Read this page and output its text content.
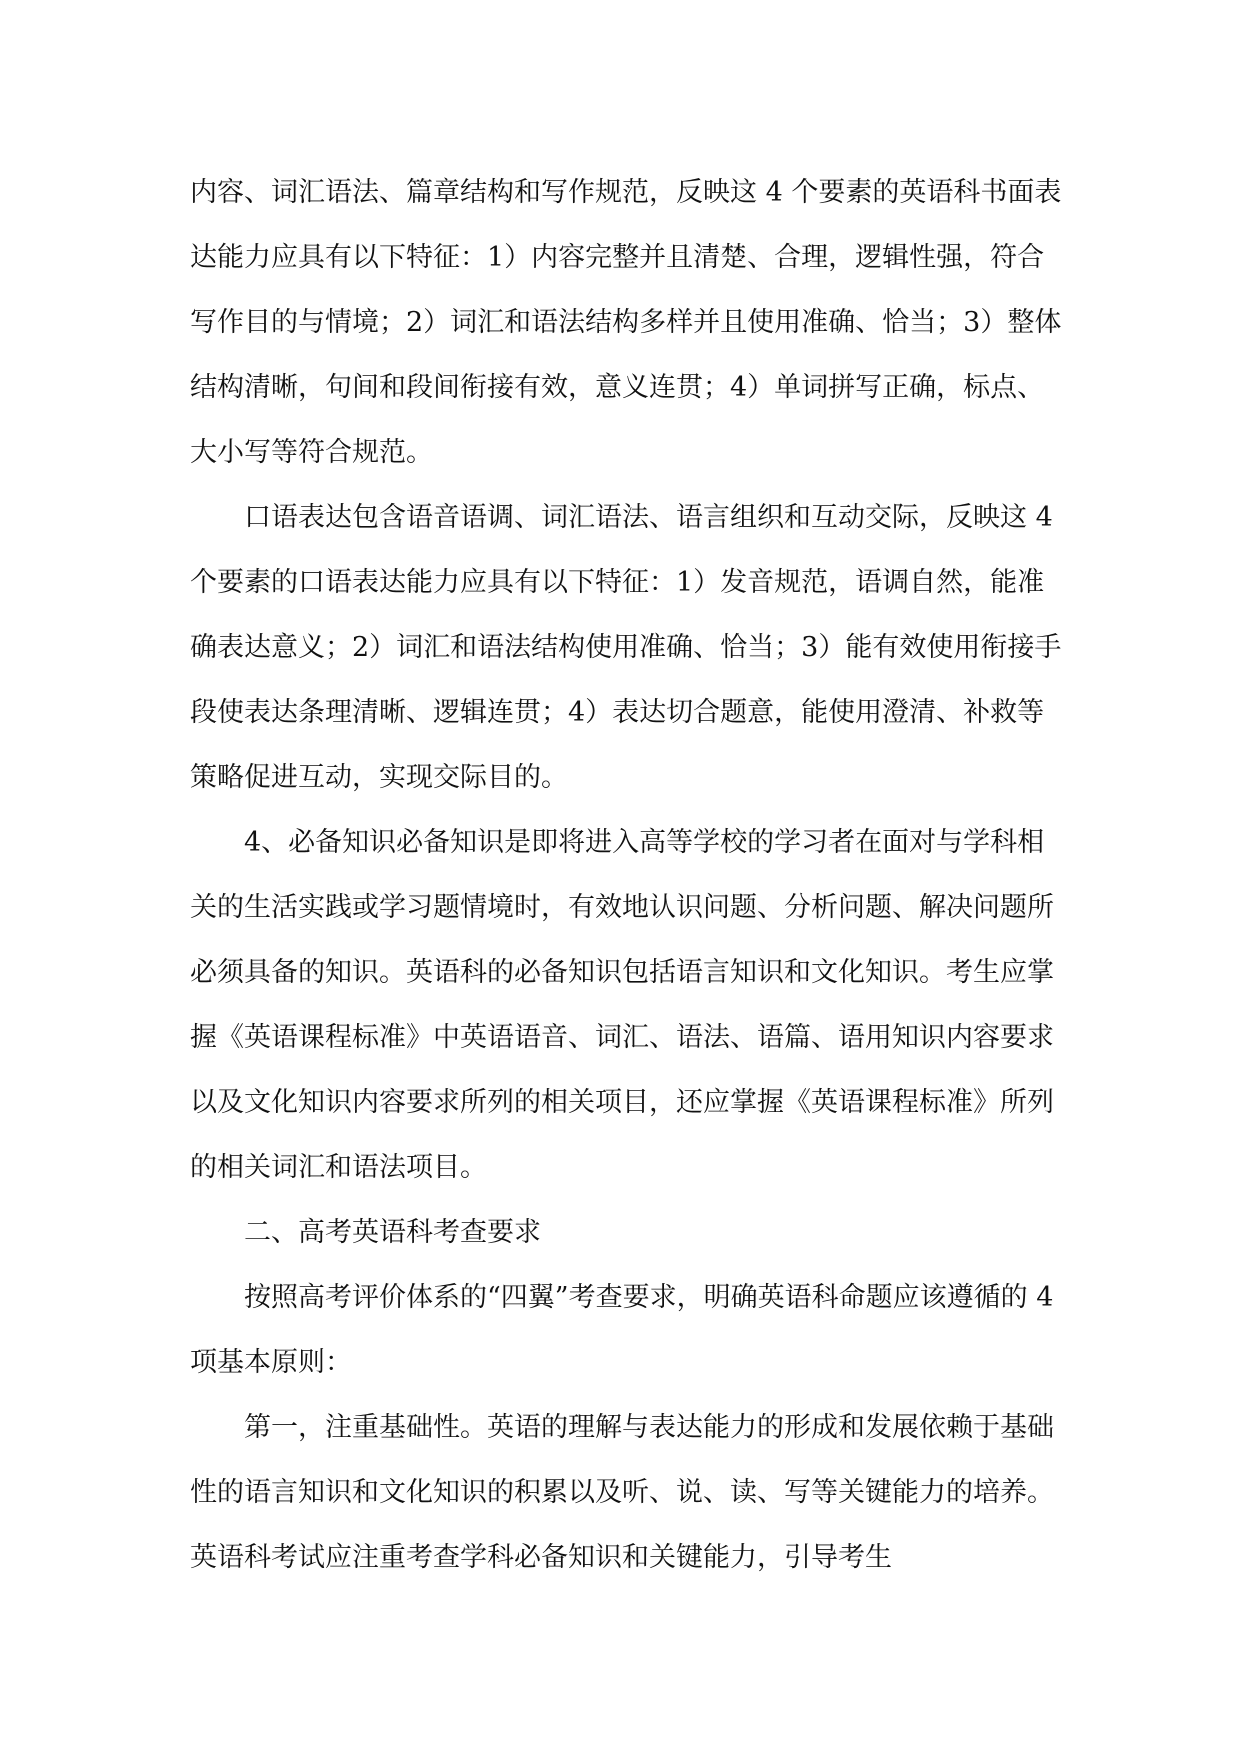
内容、词汇语法、篇章结构和写作规范，反映这 4 个要素的英语科书面表达能力应具有以下特征：1）内容完整并且清楚、合理，逻辑性强，符合写作目的与情境；2）词汇和语法结构多样并且使用准确、恰当；3）整体结构清晰，句间和段间衔接有效，意义连贯；4）单词拼写正确，标点、大小写等符合规范。

口语表达包含语音语调、词汇语法、语言组织和互动交际，反映这 4 个要素的口语表达能力应具有以下特征：1）发音规范，语调自然，能准确表达意义；2）词汇和语法结构使用准确、恰当；3）能有效使用衔接手段使表达条理清晰、逻辑连贯；4）表达切合题意，能使用澄清、补救等策略促进互动，实现交际目的。

4、必备知识必备知识是即将进入高等学校的学习者在面对与学科相关的生活实践或学习题情境时，有效地认识问题、分析问题、解决问题所必须具备的知识。英语科的必备知识包括语言知识和文化知识。考生应掌握《英语课程标准》中英语语音、词汇、语法、语篇、语用知识内容要求以及文化知识内容要求所列的相关项目，还应掌握《英语课程标准》所列的相关词汇和语法项目。

二、高考英语科考查要求

按照高考评价体系的“四翼”考查要求，明确英语科命题应该遵循的 4 项基本原则：

第一，注重基础性。英语的理解与表达能力的形成和发展依赖于基础性的语言知识和文化知识的积累以及听、说、读、写等关键能力的培养。英语科考试应注重考查学科必备知识和关键能力，引导考生
